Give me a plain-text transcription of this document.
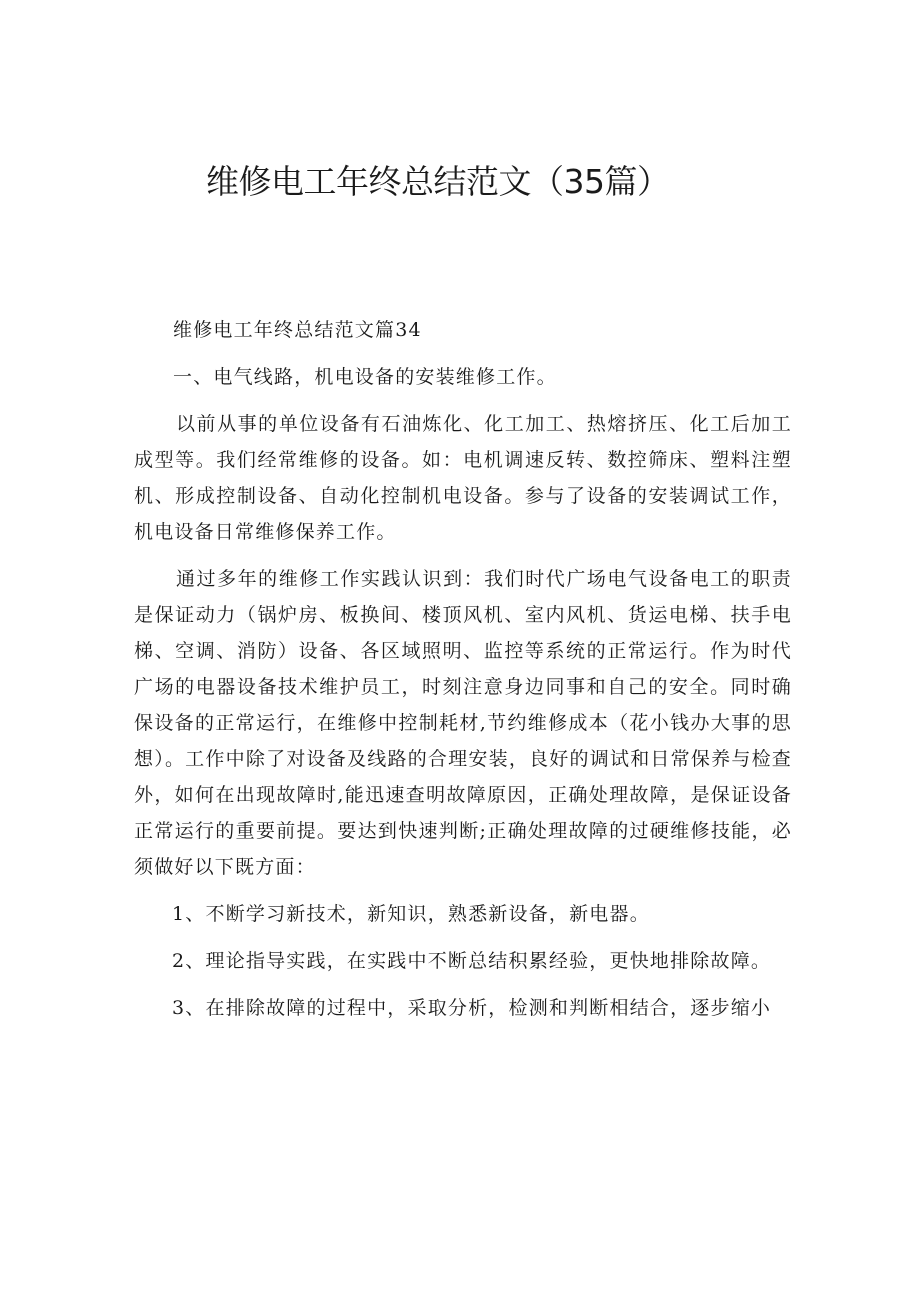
维修电工年终总结范文（35篇）

维修电工年终总结范文篇34

一、电气线路，机电设备的安装维修工作。

以前从事的单位设备有石油炼化、化工加工、热熔挤压、化工后加工成型等。我们经常维修的设备。如：电机调速反转、数控筛床、塑料注塑机、形成控制设备、自动化控制机电设备。参与了设备的安装调试工作，机电设备日常维修保养工作。

通过多年的维修工作实践认识到：我们时代广场电气设备电工的职责是保证动力（锅炉房、板换间、楼顶风机、室内风机、货运电梯、扶手电梯、空调、消防）设备、各区域照明、监控等系统的正常运行。作为时代广场的电器设备技术维护员工，时刻注意身边同事和自己的安全。同时确保设备的正常运行，在维修中控制耗材,节约维修成本（花小钱办大事的思想）。工作中除了对设备及线路的合理安装，良好的调试和日常保养与检查外，如何在出现故障时,能迅速查明故障原因，正确处理故障，是保证设备正常运行的重要前提。要达到快速判断;正确处理故障的过硬维修技能，必须做好以下既方面：

1、不断学习新技术，新知识，熟悉新设备，新电器。

2、理论指导实践，在实践中不断总结积累经验，更快地排除故障。

3、在排除故障的过程中，采取分析，检测和判断相结合，逐步缩小
